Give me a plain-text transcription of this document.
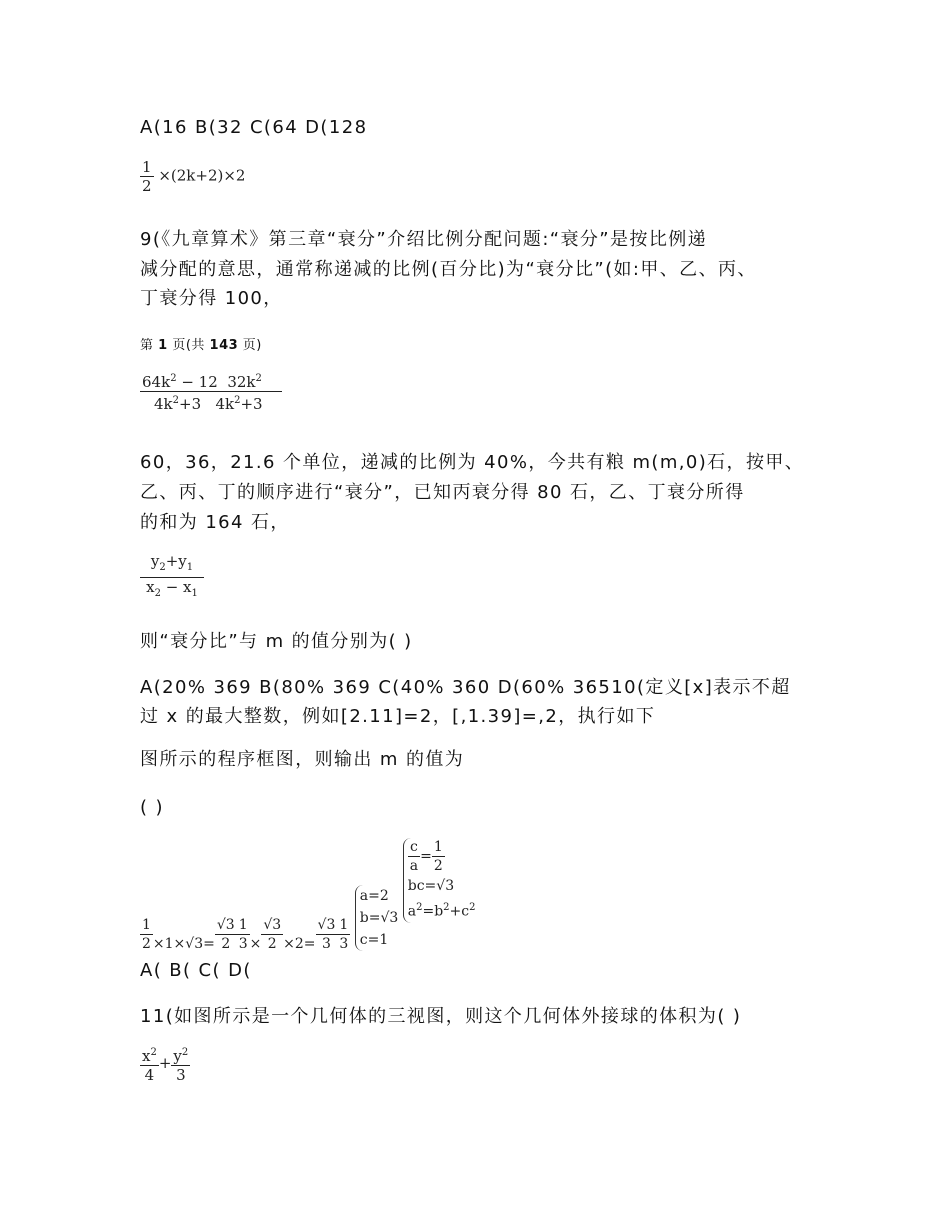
A(16 B(32 C(64 D(128
$\frac{1}{2} \times(2k+2)\times 2$
9(《九章算术》第三章“衰分”介绍比例分配问题:“衰分”是按比例递
减分配的意思，通常称递减的比例(百分比)为“衰分比”(如:甲、乙、丙、
丁衰分得 100，
第 1 页(共 143 页)
$\frac{64k^2 - 12 32k^2}{4k^2+3 4k^2+3}$
60，36，21.6 个单位，递减的比例为 40%，今共有粮 m(m,0)石，按甲、
乙、丙、丁的顺序进行“衰分”，已知丙衰分得 80 石，乙、丁衰分所得
的和为 164 石，
$\frac{y_2+y_1}{x_2 - x_1}$
则“衰分比”与 m 的值分别为( )
A(20% 369 B(80% 369 C(40% 360 D(60% 36510(定义[x]表示不超
过 x 的最大整数，例如[2.11]=2，[,1.39]=,2，执行如下
图所示的程序框图，则输出 m 的值为
( )
$\frac{1}{2} \times 1\times√3= \frac{√3}{2} \frac{1}{3} \times \frac{√3}{2} \times 2= \frac{√3}{3} \frac{1}{3}$

a=2
b=√3
c=1

$\frac{c}{a} = \frac{1}{2}$
bc=√3
$a^2=b^2+c^2$
A( B( C( D(
11(如图所示是一个几何体的三视图，则这个几何体外接球的体积为( )
$\frac{x^2}{4} + \frac{y^2}{3}$
